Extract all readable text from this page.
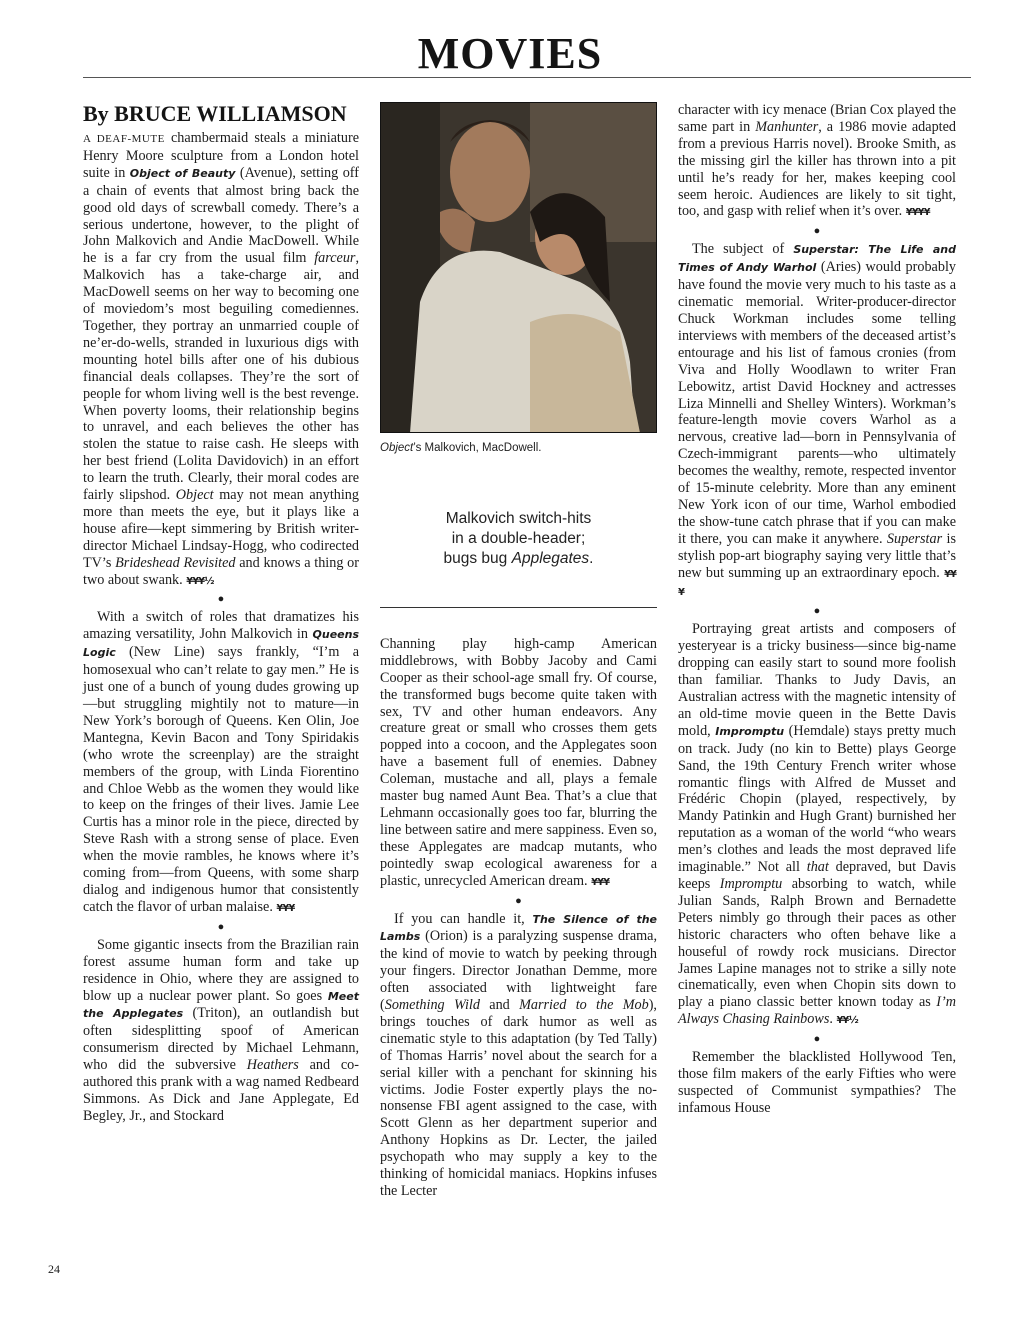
MOVIES
By BRUCE WILLIAMSON

A DEAF-MUTE chambermaid steals a miniature Henry Moore sculpture from a London hotel suite in Object of Beauty (Avenue), setting off a chain of events that almost bring back the good old days of screwball comedy. There’s a serious undertone, however, to the plight of John Malkovich and Andie MacDowell. While he is a far cry from the usual film farceur, Malkovich has a take-charge air, and MacDowell seems on her way to becoming one of moviedom’s most beguiling comediennes. Together, they portray an unmarried couple of ne’er-do-wells, stranded in luxurious digs with mounting hotel bills after one of his dubious financial deals collapses. They’re the sort of people for whom living well is the best revenge. When poverty looms, their relationship begins to unravel, and each believes the other has stolen the statue to raise cash. He sleeps with her best friend (Lolita Davidovich) in an effort to learn the truth. Clearly, their moral codes are fairly slipshod. Object may not mean anything more than meets the eye, but it plays like a house afire—kept simmering by British writer-director Michael Lindsay-Hogg, who codirected TV’s Brideshead Revisited and knows a thing or two about swank. ¥¥¥½

●

With a switch of roles that dramatizes his amazing versatility, John Malkovich in Queens Logic (New Line) says frankly, “I’m a homosexual who can’t relate to gay men.” He is just one of a bunch of young dudes growing up—but struggling mightily not to mature—in New York’s borough of Queens. Ken Olin, Joe Mantegna, Kevin Bacon and Tony Spiridakis (who wrote the screenplay) are the straight members of the group, with Linda Fiorentino and Chloe Webb as the women they would like to keep on the fringes of their lives. Jamie Lee Curtis has a minor role in the piece, directed by Steve Rash with a strong sense of place. Even when the movie rambles, he knows where it’s coming from—from Queens, with some sharp dialog and indigenous humor that consistently catch the flavor of urban malaise. ¥¥¥

●

Some gigantic insects from the Brazilian rain forest assume human form and take up residence in Ohio, where they are assigned to blow up a nuclear power plant. So goes Meet the Applegates (Triton), an outlandish but often sidesplitting spoof of American consumerism directed by Michael Lehmann, who did the subversive Heathers and co-authored this prank with a wag named Redbeard Simmons. As Dick and Jane Applegate, Ed Begley, Jr., and Stockard

Object’s Malkovich, MacDowell.
Malkovich switch-hits
in a double-header;
bugs bug Applegates.

Channing play high-camp American middlebrows, with Bobby Jacoby and Cami Cooper as their school-age small fry. Of course, the transformed bugs become quite taken with sex, TV and other human endeavors. Any creature great or small who crosses them gets popped into a cocoon, and the Applegates soon have a basement full of enemies. Dabney Coleman, mustache and all, plays a female master bug named Aunt Bea. That’s a clue that Lehmann occasionally goes too far, blurring the line between satire and mere sappiness. Even so, these Applegates are madcap mutants, who pointedly swap ecological awareness for a plastic, unrecycled American dream. ¥¥¥

●

If you can handle it, The Silence of the Lambs (Orion) is a paralyzing suspense drama, the kind of movie to watch by peeking through your fingers. Director Jonathan Demme, more often associated with lightweight fare (Something Wild and Married to the Mob), brings touches of dark humor as well as cinematic style to this adaptation (by Ted Tally) of Thomas Harris’ novel about the search for a serial killer with a penchant for skinning his victims. Jodie Foster expertly plays the no-nonsense FBI agent assigned to the case, with Scott Glenn as her department superior and Anthony Hopkins as Dr. Lecter, the jailed psychopath who may supply a key to the thinking of homicidal maniacs. Hopkins infuses the Lecter

character with icy menace (Brian Cox played the same part in Manhunter, a 1986 movie adapted from a previous Harris novel). Brooke Smith, as the missing girl the killer has thrown into a pit until he’s ready for her, makes keeping cool seem heroic. Audiences are likely to sit tight, too, and gasp with relief when it’s over. ¥¥¥¥

●

The subject of Superstar: The Life and Times of Andy Warhol (Aries) would probably have found the movie very much to his taste as a cinematic memorial. Writer-producer-director Chuck Workman includes some telling interviews with members of the deceased artist’s entourage and his list of famous cronies (from Viva and Holly Woodlawn to writer Fran Lebowitz, artist David Hockney and actresses Liza Minnelli and Shelley Winters). Workman’s feature-length movie covers Warhol as a nervous, creative lad—born in Pennsylvania of Czech-immigrant parents—who ultimately becomes the wealthy, remote, respected inventor of 15-minute celebrity. More than any eminent New York icon of our time, Warhol embodied the show-tune catch phrase that if you can make it there, you can make it anywhere. Superstar is stylish pop-art biography saying very little that’s new but summing up an extraordinary epoch. ¥¥¥

●

Portraying great artists and composers of yesteryear is a tricky business—since big-name dropping can easily start to sound more foolish than familiar. Thanks to Judy Davis, an Australian actress with the magnetic intensity of an old-time movie queen in the Bette Davis mold, Impromptu (Hemdale) stays pretty much on track. Judy (no kin to Bette) plays George Sand, the 19th Century French writer whose romantic flings with Alfred de Musset and Frédéric Chopin (played, respectively, by Mandy Patinkin and Hugh Grant) burnished her reputation as a woman of the world “who wears men’s clothes and leads the most depraved life imaginable.” Not all that depraved, but Davis keeps Impromptu absorbing to watch, while Julian Sands, Ralph Brown and Bernadette Peters nimbly go through their paces as other historic characters who often behave like a houseful of rowdy rock musicians. Director James Lapine manages not to strike a silly note cinematically, even when Chopin sits down to play a piano classic better known today as I’m Always Chasing Rainbows. ¥¥½

●

Remember the blacklisted Hollywood Ten, those film makers of the early Fifties who were suspected of Communist sympathies? The infamous House

24
